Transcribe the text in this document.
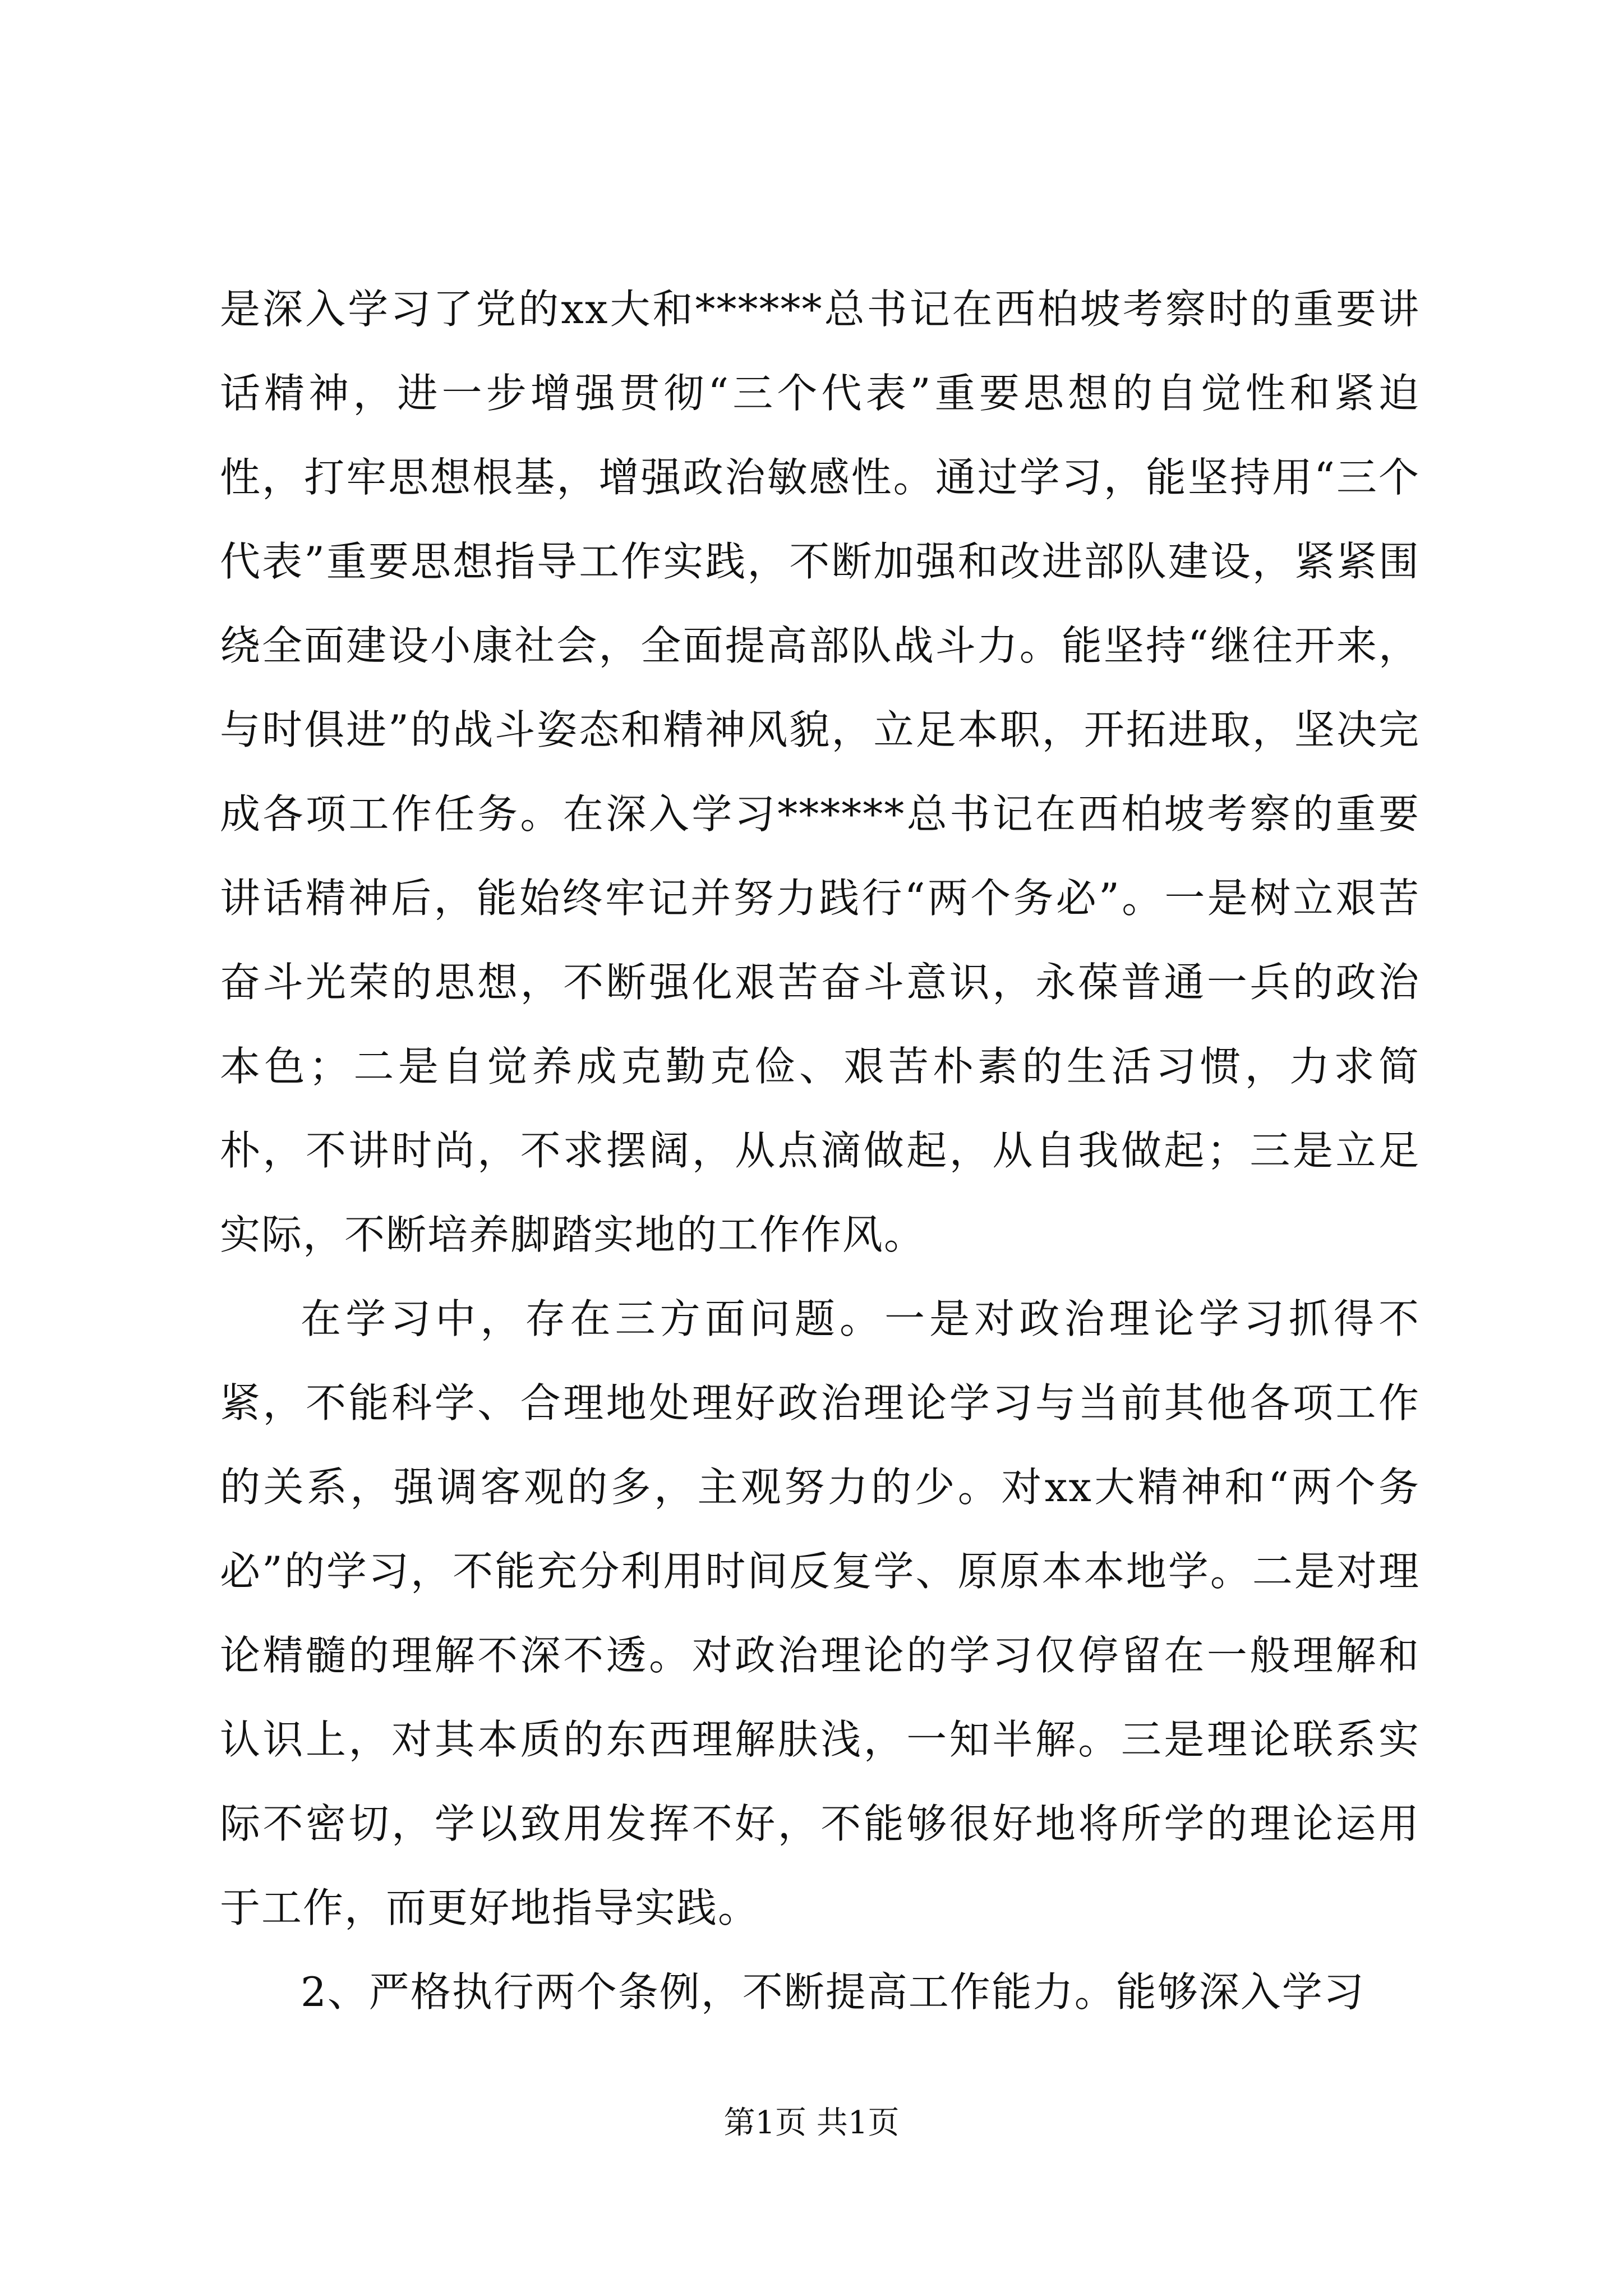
是深入学习了党的xx大和******总书记在西柏坡考察时的重要讲话精神，进一步增强贯彻“三个代表”重要思想的自觉性和紧迫性，打牢思想根基，增强政治敏感性。通过学习，能坚持用“三个代表”重要思想指导工作实践，不断加强和改进部队建设，紧紧围绕全面建设小康社会，全面提高部队战斗力。能坚持“继往开来，与时俱进”的战斗姿态和精神风貌，立足本职，开拓进取，坚决完成各项工作任务。在深入学习******总书记在西柏坡考察的重要讲话精神后，能始终牢记并努力践行“两个务必”。一是树立艰苦奋斗光荣的思想，不断强化艰苦奋斗意识，永葆普通一兵的政治本色；二是自觉养成克勤克俭、艰苦朴素的生活习惯，力求简朴，不讲时尚，不求摆阔，从点滴做起，从自我做起；三是立足实际，不断培养脚踏实地的工作作风。

在学习中，存在三方面问题。一是对政治理论学习抓得不紧，不能科学、合理地处理好政治理论学习与当前其他各项工作的关系，强调客观的多，主观努力的少。对xx大精神和“两个务必”的学习，不能充分利用时间反复学、原原本本地学。二是对理论精髓的理解不深不透。对政治理论的学习仅停留在一般理解和认识上，对其本质的东西理解肤浅，一知半解。三是理论联系实际不密切，学以致用发挥不好，不能够很好地将所学的理论运用于工作，而更好地指导实践。

2、严格执行两个条例，不断提高工作能力。能够深入学习

第1页 共1页
